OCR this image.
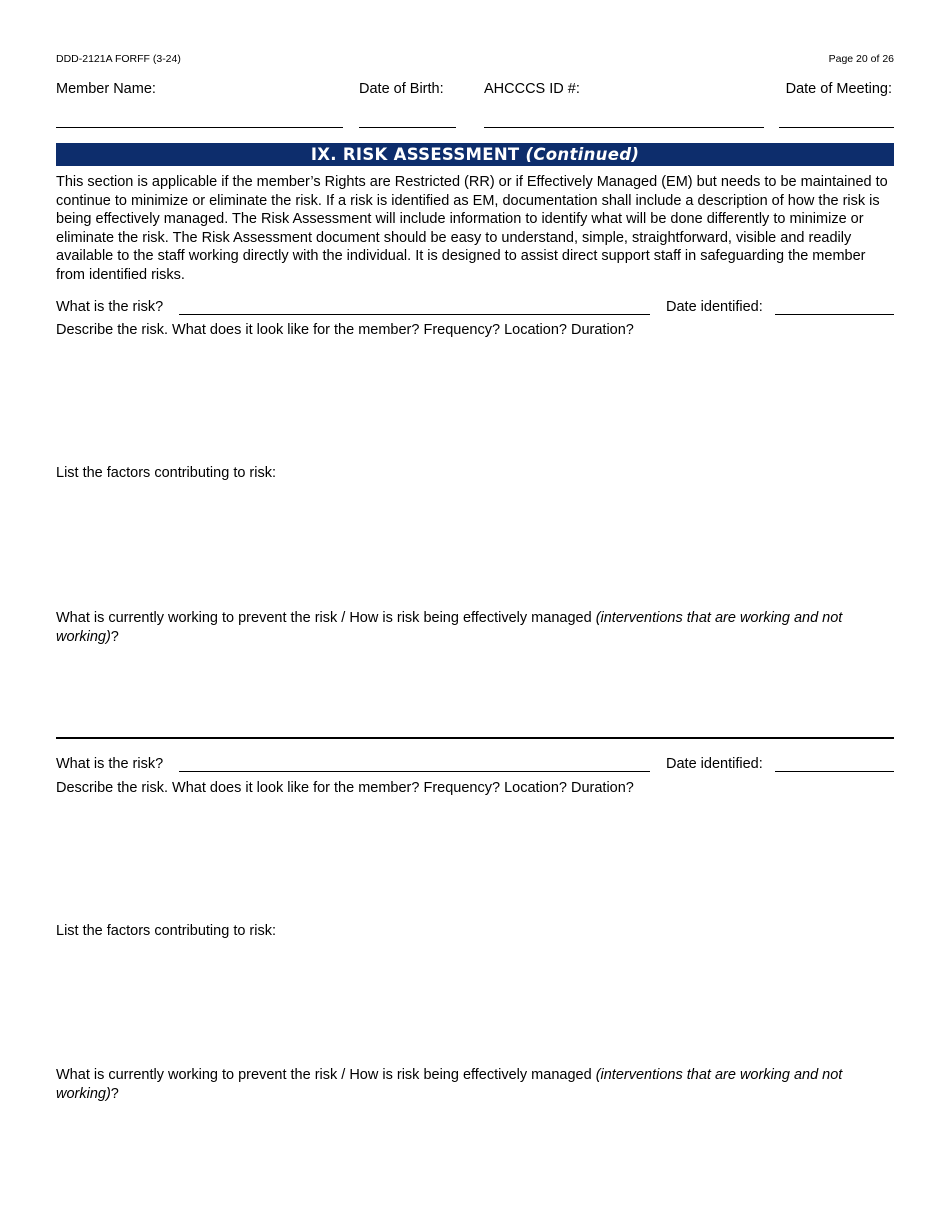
DDD-2121A FORFF (3-24)	Page 20 of 26
Member Name:	Date of Birth:	AHCCCS ID #:	Date of Meeting:
IX. RISK ASSESSMENT (Continued)
This section is applicable if the member’s Rights are Restricted (RR) or if Effectively Managed (EM) but needs to be maintained to continue to minimize or eliminate the risk. If a risk is identified as EM, documentation shall include a description of how the risk is being effectively managed. The Risk Assessment will include information to identify what will be done differently to minimize or eliminate the risk. The Risk Assessment document should be easy to understand, simple, straightforward, visible and readily available to the staff working directly with the individual. It is designed to assist direct support staff in safeguarding the member from identified risks.
What is the risk?	Date identified:
Describe the risk. What does it look like for the member? Frequency? Location? Duration?
List the factors contributing to risk:
What is currently working to prevent the risk / How is risk being effectively managed (interventions that are working and not working)?
What is the risk?	Date identified:
Describe the risk. What does it look like for the member? Frequency? Location? Duration?
List the factors contributing to risk:
What is currently working to prevent the risk / How is risk being effectively managed (interventions that are working and not working)?
